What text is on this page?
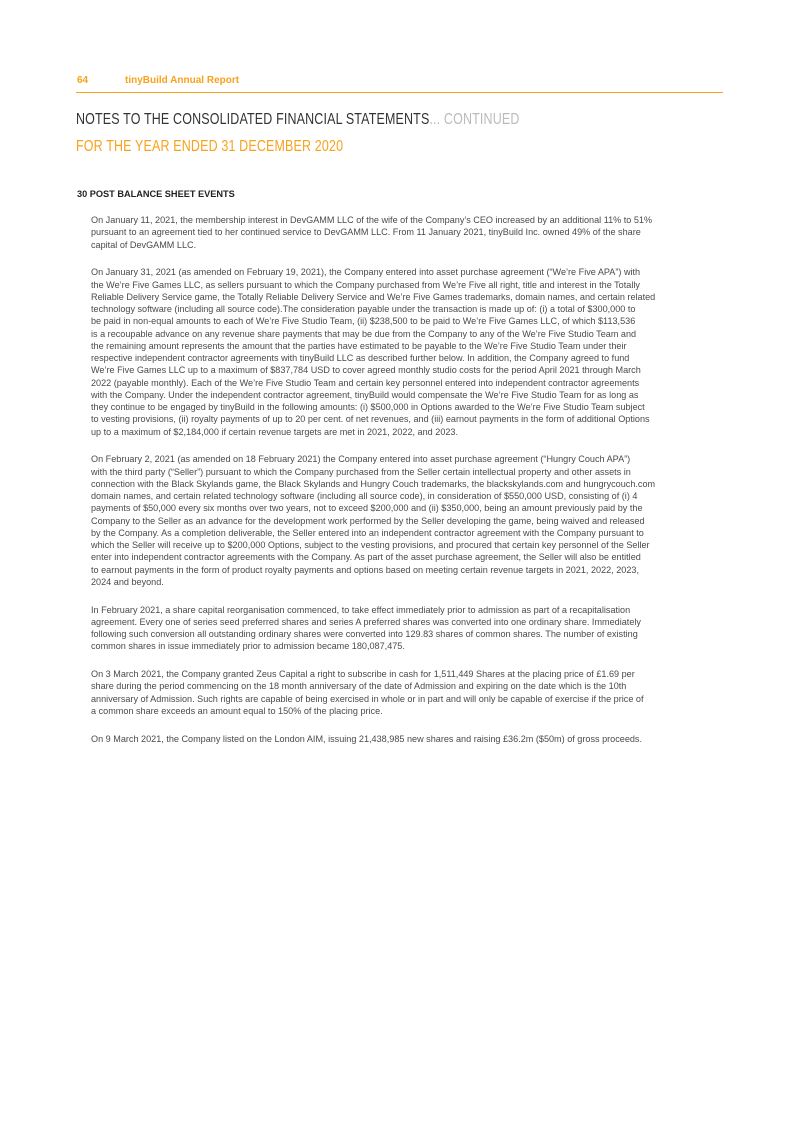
64	tinyBuild Annual Report
NOTES TO THE CONSOLIDATED FINANCIAL STATEMENTS... CONTINUED
FOR THE YEAR ENDED 31 DECEMBER 2020
30 POST BALANCE SHEET EVENTS
On January 11, 2021, the membership interest in DevGAMM LLC of the wife of the Company’s CEO increased by an additional 11% to 51%
pursuant to an agreement tied to her continued service to DevGAMM LLC. From 11 January 2021, tinyBuild Inc. owned 49% of the share
capital of DevGAMM LLC.
On January 31, 2021 (as amended on February 19, 2021), the Company entered into asset purchase agreement (“We’re Five APA”) with
the We’re Five Games LLC, as sellers pursuant to which the Company purchased from We’re Five all right, title and interest in the Totally
Reliable Delivery Service game, the Totally Reliable Delivery Service and We’re Five Games trademarks, domain names, and certain related
technology software (including all source code).The consideration payable under the transaction is made up of: (i) a total of $300,000 to
be paid in non-equal amounts to each of We’re Five Studio Team, (ii) $238,500 to be paid to We’re Five Games LLC, of which $113,536
is a recoupable advance on any revenue share payments that may be due from the Company to any of the We’re Five Studio Team and
the remaining amount represents the amount that the parties have estimated to be payable to the We’re Five Studio Team under their
respective independent contractor agreements with tinyBuild LLC as described further below. In addition, the Company agreed to fund
We’re Five Games LLC up to a maximum of $837,784 USD to cover agreed monthly studio costs for the period April 2021 through March
2022 (payable monthly). Each of the We’re Five Studio Team and certain key personnel entered into independent contractor agreements
with the Company. Under the independent contractor agreement, tinyBuild would compensate the We’re Five Studio Team for as long as
they continue to be engaged by tinyBuild in the following amounts: (i) $500,000 in Options awarded to the We’re Five Studio Team subject
to vesting provisions, (ii) royalty payments of up to 20 per cent. of net revenues, and (iii) earnout payments in the form of additional Options
up to a maximum of $2,184,000 if certain revenue targets are met in 2021, 2022, and 2023.
On February 2, 2021 (as amended on 18 February 2021) the Company entered into asset purchase agreement (“Hungry Couch APA”)
with the third party (“Seller”) pursuant to which the Company purchased from the Seller certain intellectual property and other assets in
connection with the Black Skylands game, the Black Skylands and Hungry Couch trademarks, the blackskylands.com and hungrycouch.com
domain names, and certain related technology software (including all source code), in consideration of $550,000 USD, consisting of (i) 4
payments of $50,000 every six months over two years, not to exceed $200,000 and (ii) $350,000, being an amount previously paid by the
Company to the Seller as an advance for the development work performed by the Seller developing the game, being waived and released
by the Company. As a completion deliverable, the Seller entered into an independent contractor agreement with the Company pursuant to
which the Seller will receive up to $200,000 Options, subject to the vesting provisions, and procured that certain key personnel of the Seller
enter into independent contractor agreements with the Company. As part of the asset purchase agreement, the Seller will also be entitled
to earnout payments in the form of product royalty payments and options based on meeting certain revenue targets in 2021, 2022, 2023,
2024 and beyond.
In February 2021, a share capital reorganisation commenced, to take effect immediately prior to admission as part of a recapitalisation
agreement. Every one of series seed preferred shares and series A preferred shares was converted into one ordinary share. Immediately
following such conversion all outstanding ordinary shares were converted into 129.83 shares of common shares. The number of existing
common shares in issue immediately prior to admission became 180,087,475.
On 3 March 2021, the Company granted Zeus Capital a right to subscribe in cash for 1,511,449 Shares at the placing price of £1.69 per
share during the period commencing on the 18 month anniversary of the date of Admission and expiring on the date which is the 10th
anniversary of Admission. Such rights are capable of being exercised in whole or in part and will only be capable of exercise if the price of
a common share exceeds an amount equal to 150% of the placing price.
On 9 March 2021, the Company listed on the London AIM, issuing 21,438,985 new shares and raising £36.2m ($50m) of gross proceeds.
